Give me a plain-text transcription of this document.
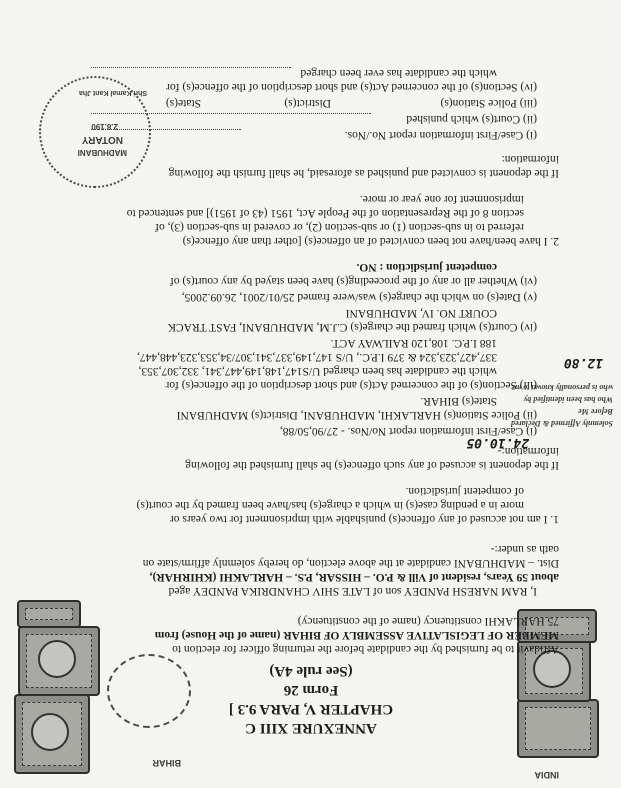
BIHAR
INDIA
ANNEXURE XIII C
CHAPTER V, PARA 9.3 ]
Form 26
(See rule 4A)
Affidavit to be furnished by the candidate before the returning officer for election to
MEMBER OF LEGISLATIVE ASSEMBLY OF BIHAR (name of the House) from
75 HARLAKHI constituency (name of the constituency)
I, RAM NARESH PANDEY son of LATE SHIV CHANDRIKA PANDEY aged
about 59 Years, resident of Vill & P.O. – HISSAR, P.S. – HARLAKHI (KHIRHAR),
Dist. – MADHUBANI candidate at the above election, do hereby solemnly affirm/state on
oath as under:-
1. I am not accused of any offence(s) punishable with imprisonment for two years or
more in a pending case(s) in which a charge(s) has/have been framed by the court(s)
of competent jurisdiction.
If the deponent is accused of any such offence(s) he shall furnished the following
information:-
(i) Case/First information report No/Nos. - 27/90,50/88,
(ii) Police Station(s) HARLAKHI, MADHUBANI, District(s) MADHUBANI
State(s) BIHAR.
(iii) Section(s) of the concerned Act(s) and short description of the offence(s) for
which the candidate has been charged U/S147,148,149,447,341, 332,307,353,
337,427,323,324 & 379 I.P.C., U/S 147,149,337,341,307/34,353,323,448,447,
188 I.P.C. 108,120 RAILWAY ACT.
(iv) Court(s) which framed the charge(s) C.J.M, MADHUBANI, FAST TRACK
COURT NO. IV, MADHUBANI
(v) Date(s) on which the charge(s) was/were framed 25/01/2001, 26.09.2005,
(vi) Whether all or any of the proceeding(s) have been stayed by any court(s) of
competent jurisdiction : NO.
2. I have been/have not been convicted of an offence(s) [other than any offence(s)
referred to in sub-section (1) or sub-section (2), or covered in sub-section (3), of
section 8 of the Representation of the People Act, 1951 (43 of 1951)] and sentenced to
imprisonment for one year or more.
If the deponent is convicted and punished as aforesaid, he shall furnish the following
information:
(i) Case/First information report No./Nos.
(ii) Court(s) which punished
(iii) Police Station(s)
District(s)
State(s)
(iv) Section(s) of the concerned Act(s) and short description of the offence(s) for
which the candidate has ever been charged
12.80
24.10.05
NOTARY
MADHUBANI
2.8.190
Shri Kamal Kant Jha
Solemnly Affirmed & Declared
Before Me
Who has been identified by
who is personally known to me
